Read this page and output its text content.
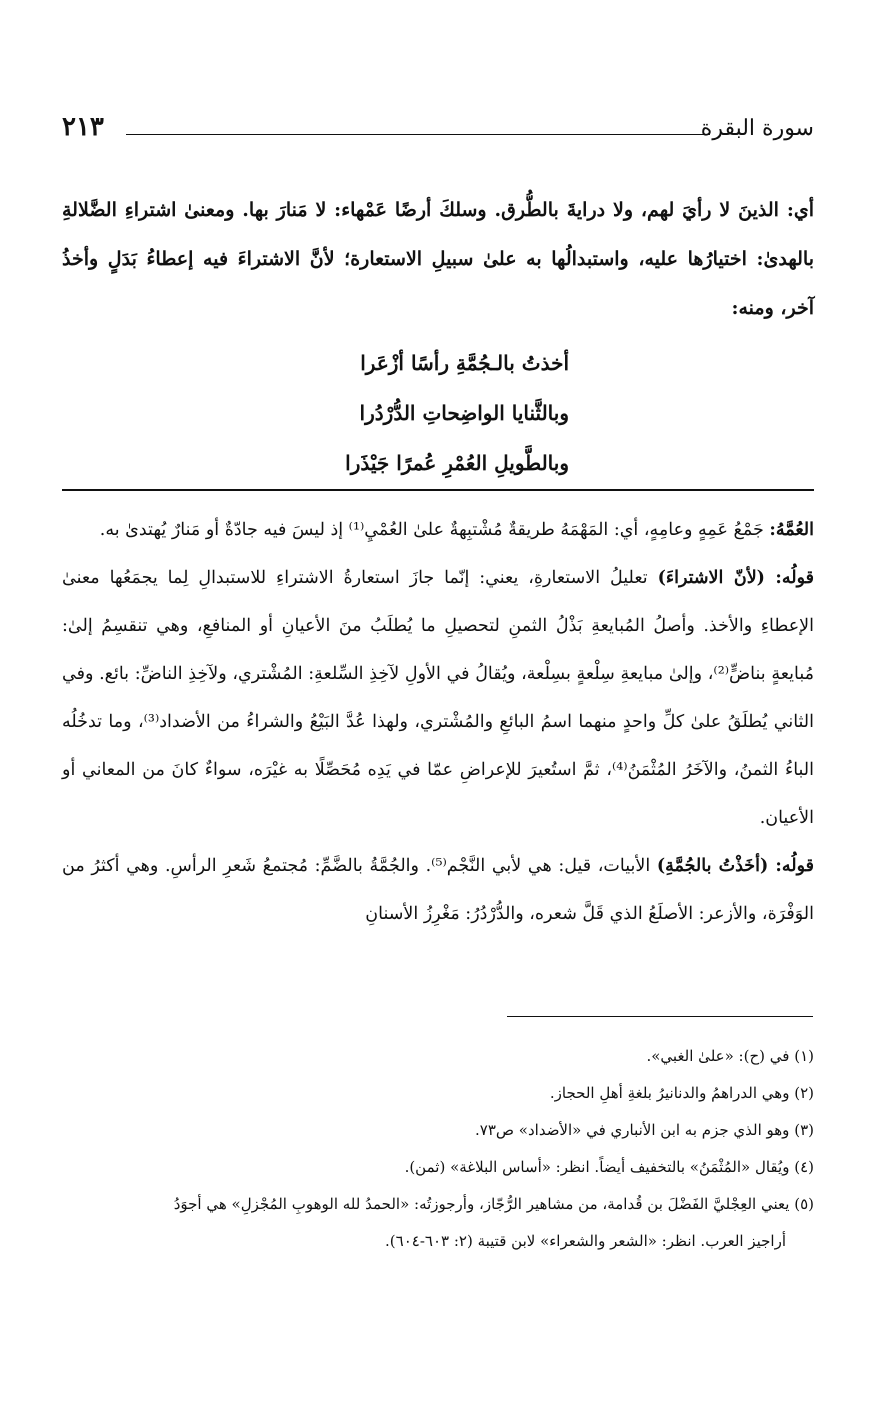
سورة البقرة
٢١٣

أي: الذينَ لا رأيَ لهم، ولا درايةَ بالطُّرق. وسلكَ أرضًا عَمْهاء: لا مَنارَ بها. ومعنىٰ اشتراءِ الضَّلالةِ بالهدىٰ: اختيارُها عليه، واستبدالُها به علىٰ سبيلِ الاستعارة؛ لأنَّ الاشتراءَ فيه إعطاءُ بَدَلٍ وأخذُ آخر، ومنه:

أخذتُ بالـجُمَّةِ رأسًا أزْعَرا
وبالثَّنايا الواضِحاتِ الدُّرْدُرا
وبالطَّويلِ العُمْرِ عُمرًا جَيْذَرا

العُمَّهُ: جَمْعُ عَمِهٍ وعامِهٍ، أي: المَهْمَهُ طريقةٌ مُشْتبِهةٌ علىٰ العُمْيِ⁽¹⁾ إذ ليسَ فيه جادّةٌ أو مَنارٌ يُهتدىٰ به.

قولُه: (لأنّ الاشتراءَ) تعليلُ الاستعارةِ، يعني: إنّما جازَ استعارةُ الاشتراءِ للاستبدالِ لِما يجمَعُها معنىٰ الإعطاءِ والأخذ. وأصلُ المُبايعةِ بَذْلُ الثمنِ لتحصيلِ ما يُطلَبُ منَ الأعيانِ أو المنافعِ، وهي تنقسِمُ إلىٰ: مُبايعةٍ بناضٍّ⁽²⁾، وإلىٰ مبايعةِ سِلْعةٍ بسِلْعة، ويُقالُ في الأولِ لآخِذِ السِّلعةِ: المُشْتري، ولآخِذِ الناضِّ: بائع. وفي الثاني يُطلَقُ علىٰ كلِّ واحدٍ منهما اسمُ البائعِ والمُشْتري، ولهذا عُدَّ البَيْعُ والشراءُ من الأضداد⁽³⁾، وما تدخُلُه الباءُ الثمنُ، والآخَرُ المُثْمَنُ⁽⁴⁾، ثمَّ استُعيرَ للإعراضِ عمّا في يَدِه مُحَصِّلًا به غيْرَه، سواءٌ كانَ من المعاني أو الأعيان.

قولُه: (أخَذْتُ بالجُمَّةِ) الأبيات، قيل: هي لأبي النَّجْم⁽⁵⁾. والجُمَّةُ بالضَّمِّ: مُجتمعُ شَعرِ الرأسِ. وهي أكثرُ من الوَفْرَة، والأزعر: الأصلَعُ الذي قَلَّ شعره، والدُّرْدُرُ: مَغْرِزُ الأسنانِ

(١) في (ح): «علىٰ الغبي».
(٢) وهي الدراهمُ والدنانيرُ بلغةِ أهلِ الحجاز.
(٣) وهو الذي جزم به ابن الأنباري في «الأضداد» ص٧٣.
(٤) ويُقال «المُثْمَنُ» بالتخفيف أيضاً. انظر: «أساس البلاغة» (ثمن).
(٥) يعني العِجْليَّ الفَضْلَ بن قُدامة، من مشاهير الرُّجّاز، وأرجوزتُه: «الحمدُ لله الوهوبِ المُجْزلِ» هي أجوَدُ
أراجيز العرب. انظر: «الشعر والشعراء» لابن قتيبة (٢: ٦٠٣-٦٠٤).
